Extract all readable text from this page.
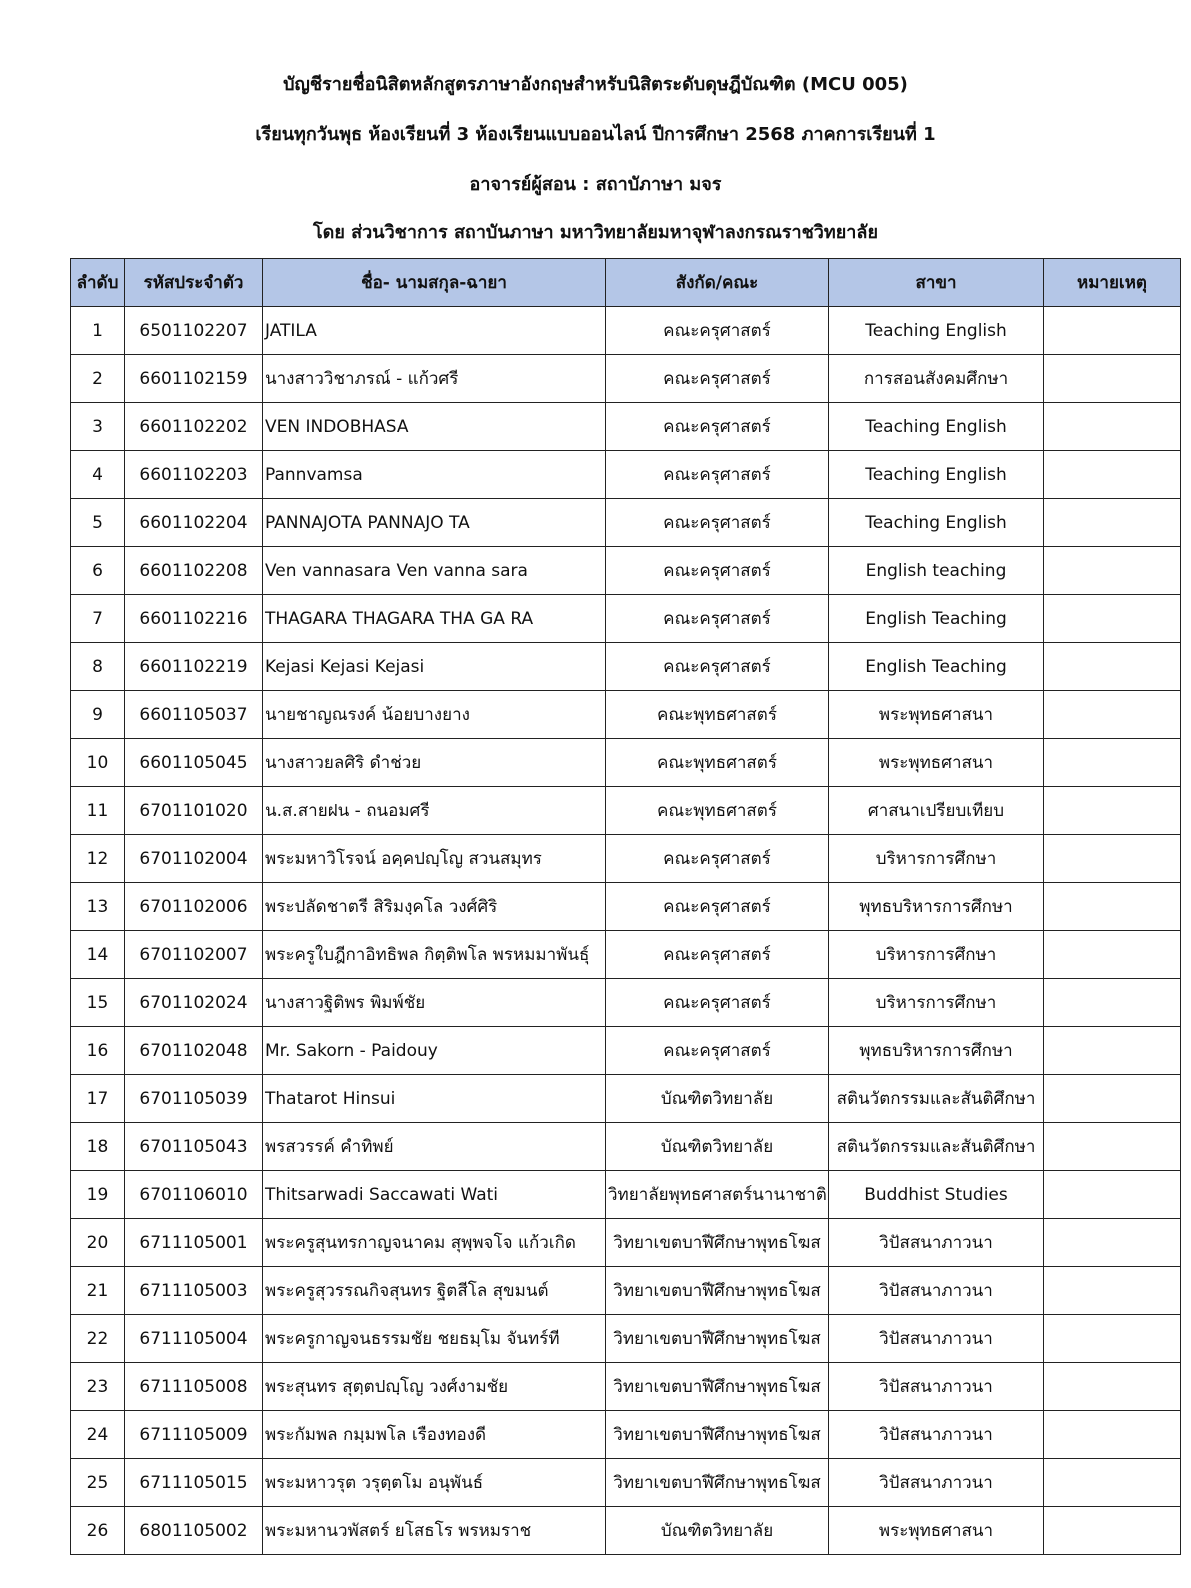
บัญชีรายชื่อนิสิตหลักสูตรภาษาอังกฤษสำหรับนิสิตระดับดุษฎีบัณฑิต (MCU 005)
เรียนทุกวันพุธ ห้องเรียนที่ 3 ห้องเรียนแบบออนไลน์ ปีการศึกษา 2568 ภาคการเรียนที่ 1
อาจารย์ผู้สอน : สถาบัภาษา มจร
โดย ส่วนวิชาการ สถาบันภาษา มหาวิทยาลัยมหาจุฬาลงกรณราชวิทยาลัย
ลำดับ	รหัสประจำตัว	ชื่อ- นามสกุล-ฉายา	สังกัด/คณะ	สาขา	หมายเหตุ
1	6501102207	JATILA	คณะครุศาสตร์	Teaching English	
2	6601102159	นางสาววิชาภรณ์ - แก้วศรี	คณะครุศาสตร์	การสอนสังคมศึกษา	
3	6601102202	VEN INDOBHASA	คณะครุศาสตร์	Teaching English	
4	6601102203	Pannvamsa	คณะครุศาสตร์	Teaching English	
5	6601102204	PANNAJOTA PANNAJO TA	คณะครุศาสตร์	Teaching English	
6	6601102208	Ven vannasara Ven vanna sara	คณะครุศาสตร์	English teaching	
7	6601102216	THAGARA THAGARA THA GA RA	คณะครุศาสตร์	English Teaching	
8	6601102219	Kejasi Kejasi Kejasi	คณะครุศาสตร์	English Teaching	
9	6601105037	นายชาญณรงค์ น้อยบางยาง	คณะพุทธศาสตร์	พระพุทธศาสนา	
10	6601105045	นางสาวยลศิริ ดำช่วย	คณะพุทธศาสตร์	พระพุทธศาสนา	
11	6701101020	น.ส.สายฝน - ถนอมศรี	คณะพุทธศาสตร์	ศาสนาเปรียบเทียบ	
12	6701102004	พระมหาวิโรจน์ อคฺคปญฺโญ สวนสมุทร	คณะครุศาสตร์	บริหารการศึกษา	
13	6701102006	พระปลัดชาตรี สิริมงฺคโล วงศ์ศิริ	คณะครุศาสตร์	พุทธบริหารการศึกษา	
14	6701102007	พระครูใบฎีกาอิทธิพล กิตฺติพโล พรหมมาพันธุ์	คณะครุศาสตร์	บริหารการศึกษา	
15	6701102024	นางสาวฐิติพร พิมพ์ชัย	คณะครุศาสตร์	บริหารการศึกษา	
16	6701102048	Mr. Sakorn - Paidouy	คณะครุศาสตร์	พุทธบริหารการศึกษา	
17	6701105039	Thatarot Hinsui	บัณฑิตวิทยาลัย	สตินวัตกรรมและสันติศึกษา	
18	6701105043	พรสวรรค์ คำทิพย์	บัณฑิตวิทยาลัย	สตินวัตกรรมและสันติศึกษา	
19	6701106010	Thitsarwadi Saccawati Wati	วิทยาลัยพุทธศาสตร์นานาชาติ	Buddhist Studies	
20	6711105001	พระครูสุนทรกาญจนาคม สุพฺพจโจ แก้วเกิด	วิทยาเขตบาฬีศึกษาพุทธโฆส	วิปัสสนาภาวนา	
21	6711105003	พระครูสุวรรณกิจสุนทร ฐิตสีโล สุขมนต์	วิทยาเขตบาฬีศึกษาพุทธโฆส	วิปัสสนาภาวนา	
22	6711105004	พระครูกาญจนธรรมชัย ชยธมฺโม จันทร์ที	วิทยาเขตบาฬีศึกษาพุทธโฆส	วิปัสสนาภาวนา	
23	6711105008	พระสุนทร สุตฺตปญฺโญ วงศ์งามชัย	วิทยาเขตบาฬีศึกษาพุทธโฆส	วิปัสสนาภาวนา	
24	6711105009	พระกัมพล กมฺมพโล เรืองทองดี	วิทยาเขตบาฬีศึกษาพุทธโฆส	วิปัสสนาภาวนา	
25	6711105015	พระมหาวรุต วรุตฺตโม อนุพันธ์	วิทยาเขตบาฬีศึกษาพุทธโฆส	วิปัสสนาภาวนา	
26	6801105002	พระมหานวพัสตร์ ยโสธโร พรหมราช	บัณฑิตวิทยาลัย	พระพุทธศาสนา	
